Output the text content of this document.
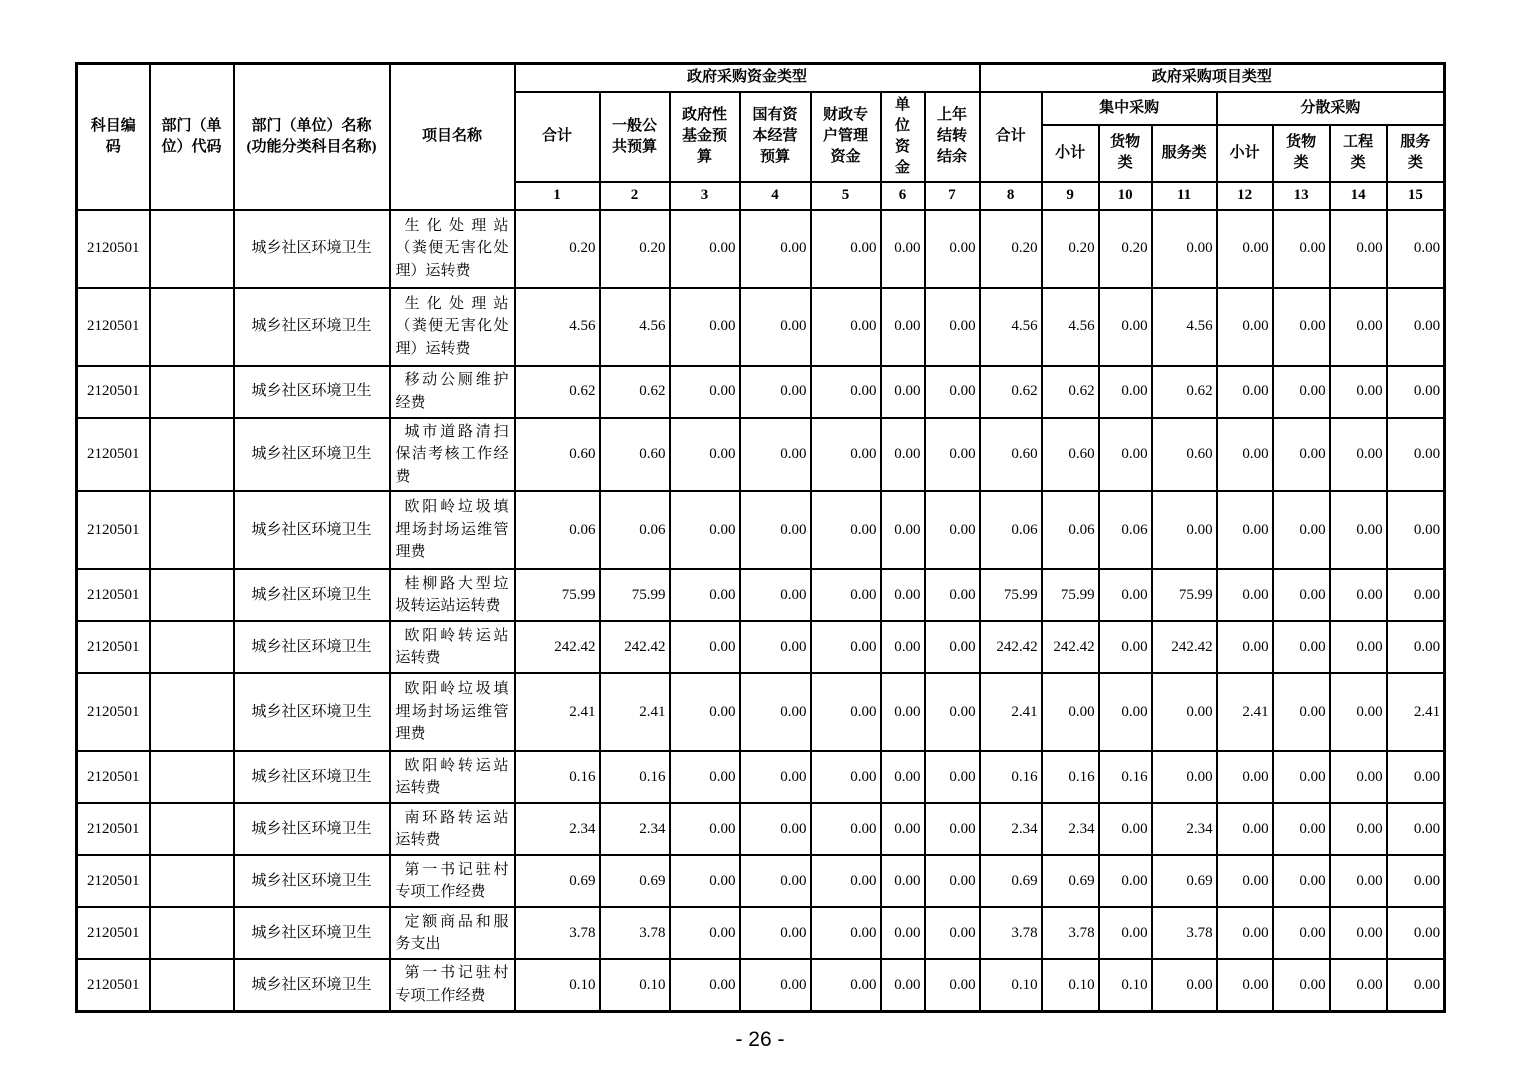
科目编码	部门（单位）代码	部门（单位）名称(功能分类科目名称)	项目名称	政府采购资金类型							政府采购项目类型							
				合计	一般公共预算	政府性基金预算	国有资本经营预算	财政专户管理资金	单位资金	上年结转结余	合计	集中采购			分散采购			
												小计	货物类	服务类	小计	货物类	工程类	服务类
				1	2	3	4	5	6	7	8	9	10	11	12	13	14	15
2120501		城乡社区环境卫生	生化处理站（粪便无害化处理）运转费	0.20	0.20	0.00	0.00	0.00	0.00	0.00	0.20	0.20	0.20	0.00	0.00	0.00	0.00	0.00
2120501		城乡社区环境卫生	生化处理站（粪便无害化处理）运转费	4.56	4.56	0.00	0.00	0.00	0.00	0.00	4.56	4.56	0.00	4.56	0.00	0.00	0.00	0.00
2120501		城乡社区环境卫生	移动公厕维护经费	0.62	0.62	0.00	0.00	0.00	0.00	0.00	0.62	0.62	0.00	0.62	0.00	0.00	0.00	0.00
2120501		城乡社区环境卫生	城市道路清扫保洁考核工作经费	0.60	0.60	0.00	0.00	0.00	0.00	0.00	0.60	0.60	0.00	0.60	0.00	0.00	0.00	0.00
2120501		城乡社区环境卫生	欧阳岭垃圾填埋场封场运维管理费	0.06	0.06	0.00	0.00	0.00	0.00	0.00	0.06	0.06	0.06	0.00	0.00	0.00	0.00	0.00
2120501		城乡社区环境卫生	桂柳路大型垃圾转运站运转费	75.99	75.99	0.00	0.00	0.00	0.00	0.00	75.99	75.99	0.00	75.99	0.00	0.00	0.00	0.00
2120501		城乡社区环境卫生	欧阳岭转运站运转费	242.42	242.42	0.00	0.00	0.00	0.00	0.00	242.42	242.42	0.00	242.42	0.00	0.00	0.00	0.00
2120501		城乡社区环境卫生	欧阳岭垃圾填埋场封场运维管理费	2.41	2.41	0.00	0.00	0.00	0.00	0.00	2.41	0.00	0.00	0.00	2.41	0.00	0.00	2.41
2120501		城乡社区环境卫生	欧阳岭转运站运转费	0.16	0.16	0.00	0.00	0.00	0.00	0.00	0.16	0.16	0.16	0.00	0.00	0.00	0.00	0.00
2120501		城乡社区环境卫生	南环路转运站运转费	2.34	2.34	0.00	0.00	0.00	0.00	0.00	2.34	2.34	0.00	2.34	0.00	0.00	0.00	0.00
2120501		城乡社区环境卫生	第一书记驻村专项工作经费	0.69	0.69	0.00	0.00	0.00	0.00	0.00	0.69	0.69	0.00	0.69	0.00	0.00	0.00	0.00
2120501		城乡社区环境卫生	定额商品和服务支出	3.78	3.78	0.00	0.00	0.00	0.00	0.00	3.78	3.78	0.00	3.78	0.00	0.00	0.00	0.00
2120501		城乡社区环境卫生	第一书记驻村专项工作经费	0.10	0.10	0.00	0.00	0.00	0.00	0.00	0.10	0.10	0.10	0.00	0.00	0.00	0.00	0.00
- 26 -
